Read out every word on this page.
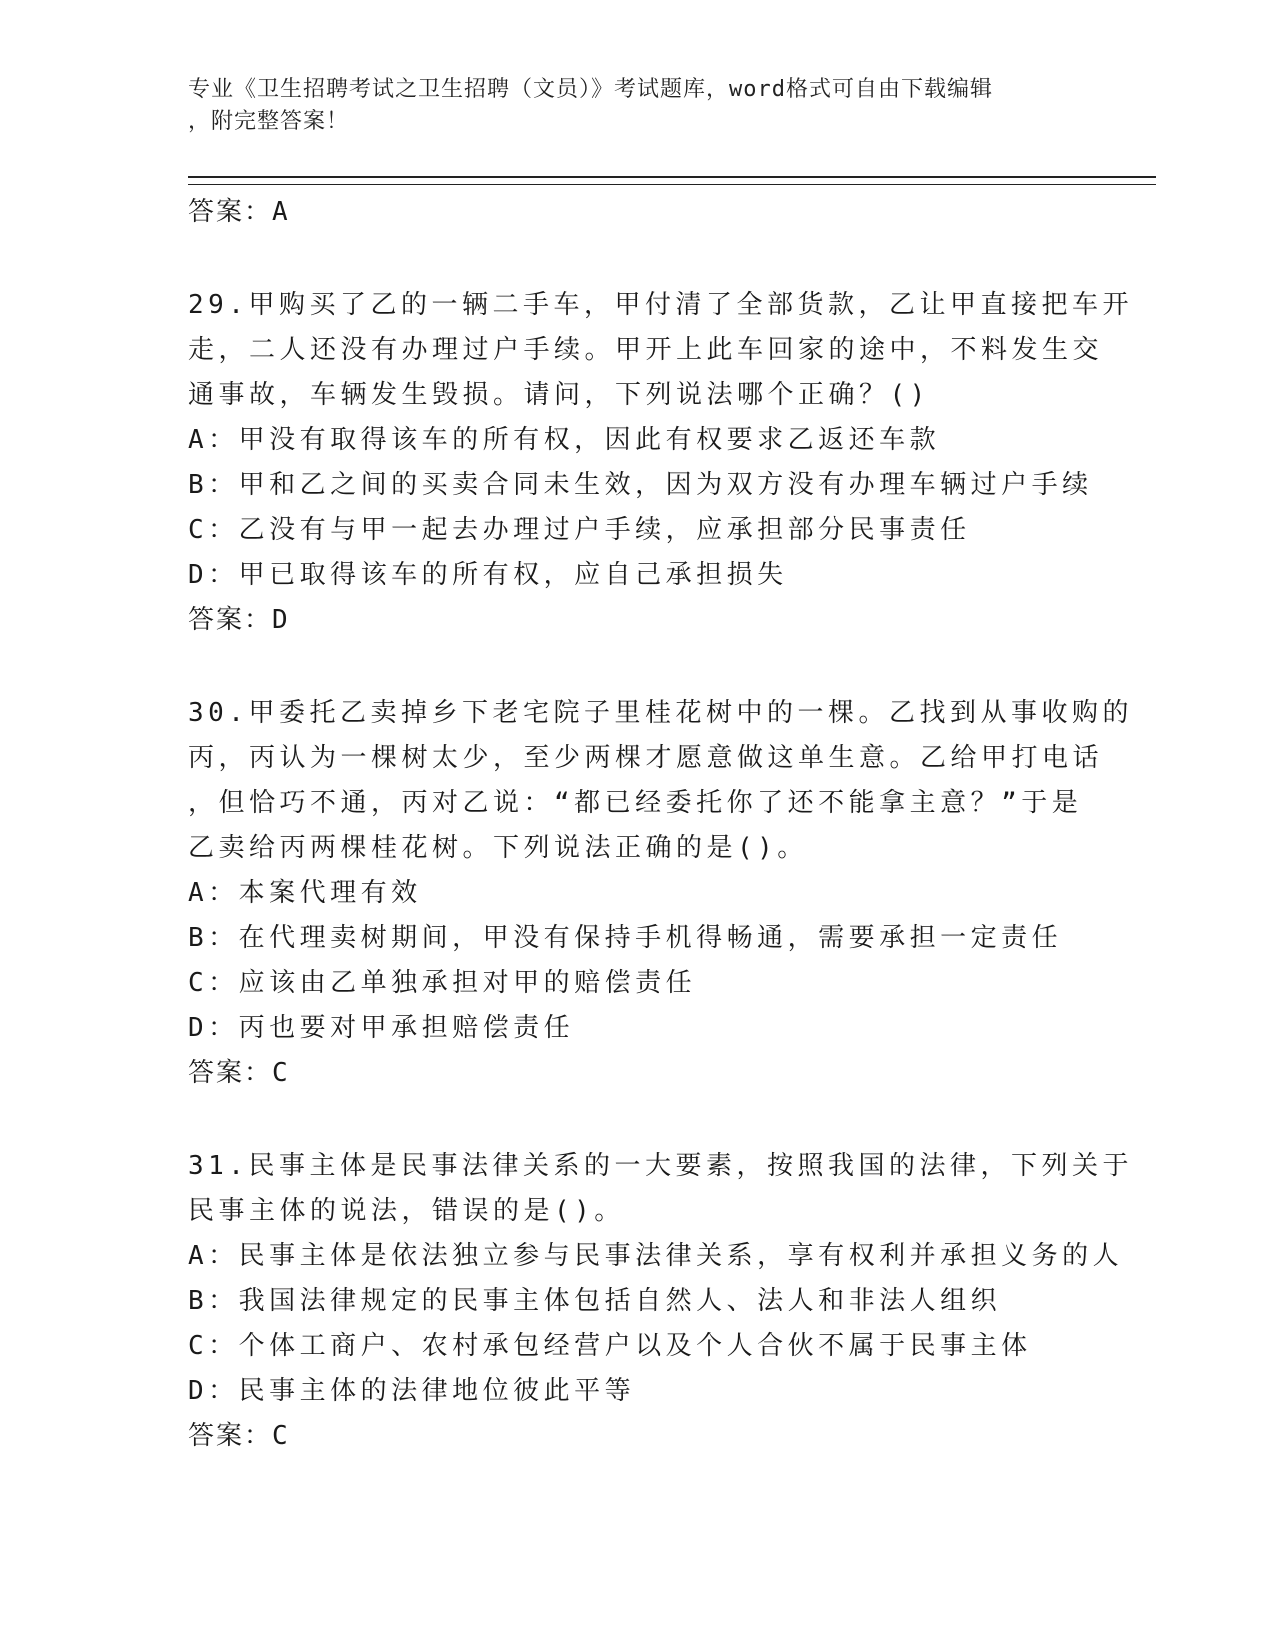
专业《卫生招聘考试之卫生招聘（文员）》考试题库，word格式可自由下载编辑
，附完整答案！
答案：A
29.甲购买了乙的一辆二手车，甲付清了全部货款，乙让甲直接把车开
走，二人还没有办理过户手续。甲开上此车回家的途中，不料发生交
通事故，车辆发生毁损。请问，下列说法哪个正确？()
A：甲没有取得该车的所有权，因此有权要求乙返还车款
B：甲和乙之间的买卖合同未生效，因为双方没有办理车辆过户手续
C：乙没有与甲一起去办理过户手续，应承担部分民事责任
D：甲已取得该车的所有权，应自己承担损失
答案：D
30.甲委托乙卖掉乡下老宅院子里桂花树中的一棵。乙找到从事收购的
丙，丙认为一棵树太少，至少两棵才愿意做这单生意。乙给甲打电话
，但恰巧不通，丙对乙说：“都已经委托你了还不能拿主意？”于是
乙卖给丙两棵桂花树。下列说法正确的是()。
A：本案代理有效
B：在代理卖树期间，甲没有保持手机得畅通，需要承担一定责任
C：应该由乙单独承担对甲的赔偿责任
D：丙也要对甲承担赔偿责任
答案：C
31.民事主体是民事法律关系的一大要素，按照我国的法律，下列关于
民事主体的说法，错误的是()。
A：民事主体是依法独立参与民事法律关系，享有权利并承担义务的人
B：我国法律规定的民事主体包括自然人、法人和非法人组织
C：个体工商户、农村承包经营户以及个人合伙不属于民事主体
D：民事主体的法律地位彼此平等
答案：C
